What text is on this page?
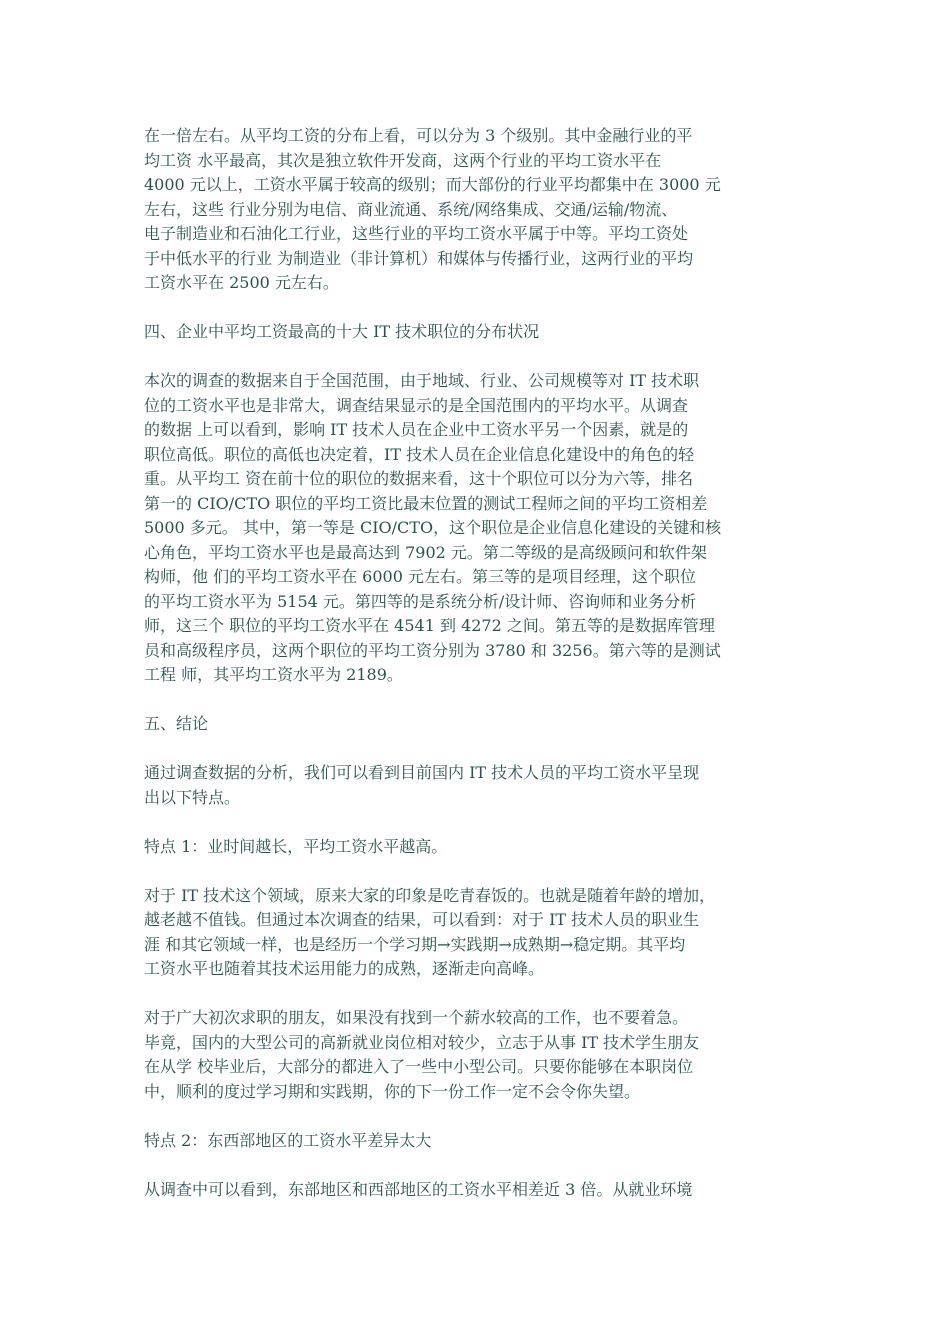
在一倍左右。从平均工资的分布上看，可以分为 3 个级别。其中金融行业的平
均工资 水平最高，其次是独立软件开发商，这两个行业的平均工资水平在
4000 元以上，工资水平属于较高的级别；而大部份的行业平均都集中在 3000 元
左右，这些 行业分别为电信、商业流通、系统/网络集成、交通/运输/物流、
电子制造业和石油化工行业，这些行业的平均工资水平属于中等。平均工资处
于中低水平的行业 为制造业（非计算机）和媒体与传播行业，这两行业的平均
工资水平在 2500 元左右。
四、企业中平均工资最高的十大 IT 技术职位的分布状况
本次的调查的数据来自于全国范围，由于地域、行业、公司规模等对 IT 技术职
位的工资水平也是非常大，调查结果显示的是全国范围内的平均水平。从调查
的数据 上可以看到，影响 IT 技术人员在企业中工资水平另一个因素，就是的
职位高低。职位的高低也决定着，IT 技术人员在企业信息化建设中的角色的轻
重。从平均工 资在前十位的职位的数据来看，这十个职位可以分为六等，排名
第一的 CIO/CTO 职位的平均工资比最末位置的测试工程师之间的平均工资相差
5000 多元。 其中，第一等是 CIO/CTO，这个职位是企业信息化建设的关键和核
心角色，平均工资水平也是最高达到 7902 元。第二等级的是高级顾问和软件架
构师，他 们的平均工资水平在 6000 元左右。第三等的是项目经理，这个职位
的平均工资水平为 5154 元。第四等的是系统分析/设计师、咨询师和业务分析
师，这三个 职位的平均工资水平在 4541 到 4272 之间。第五等的是数据库管理
员和高级程序员，这两个职位的平均工资分别为 3780 和 3256。第六等的是测试
工程 师，其平均工资水平为 2189。
五、结论
通过调查数据的分析，我们可以看到目前国内 IT 技术人员的平均工资水平呈现
出以下特点。
特点 1：业时间越长，平均工资水平越高。
对于 IT 技术这个领域，原来大家的印象是吃青春饭的。也就是随着年龄的增加，
越老越不值钱。但通过本次调查的结果，可以看到：对于 IT 技术人员的职业生
涯 和其它领域一样，也是经历一个学习期→实践期→成熟期→稳定期。其平均
工资水平也随着其技术运用能力的成熟，逐渐走向高峰。
对于广大初次求职的朋友，如果没有找到一个薪水较高的工作，也不要着急。
毕竟，国内的大型公司的高新就业岗位相对较少，立志于从事 IT 技术学生朋友
在从学 校毕业后，大部分的都进入了一些中小型公司。只要你能够在本职岗位
中，顺利的度过学习期和实践期，你的下一份工作一定不会令你失望。
特点 2：东西部地区的工资水平差异太大
从调查中可以看到，东部地区和西部地区的工资水平相差近 3 倍。从就业环境
